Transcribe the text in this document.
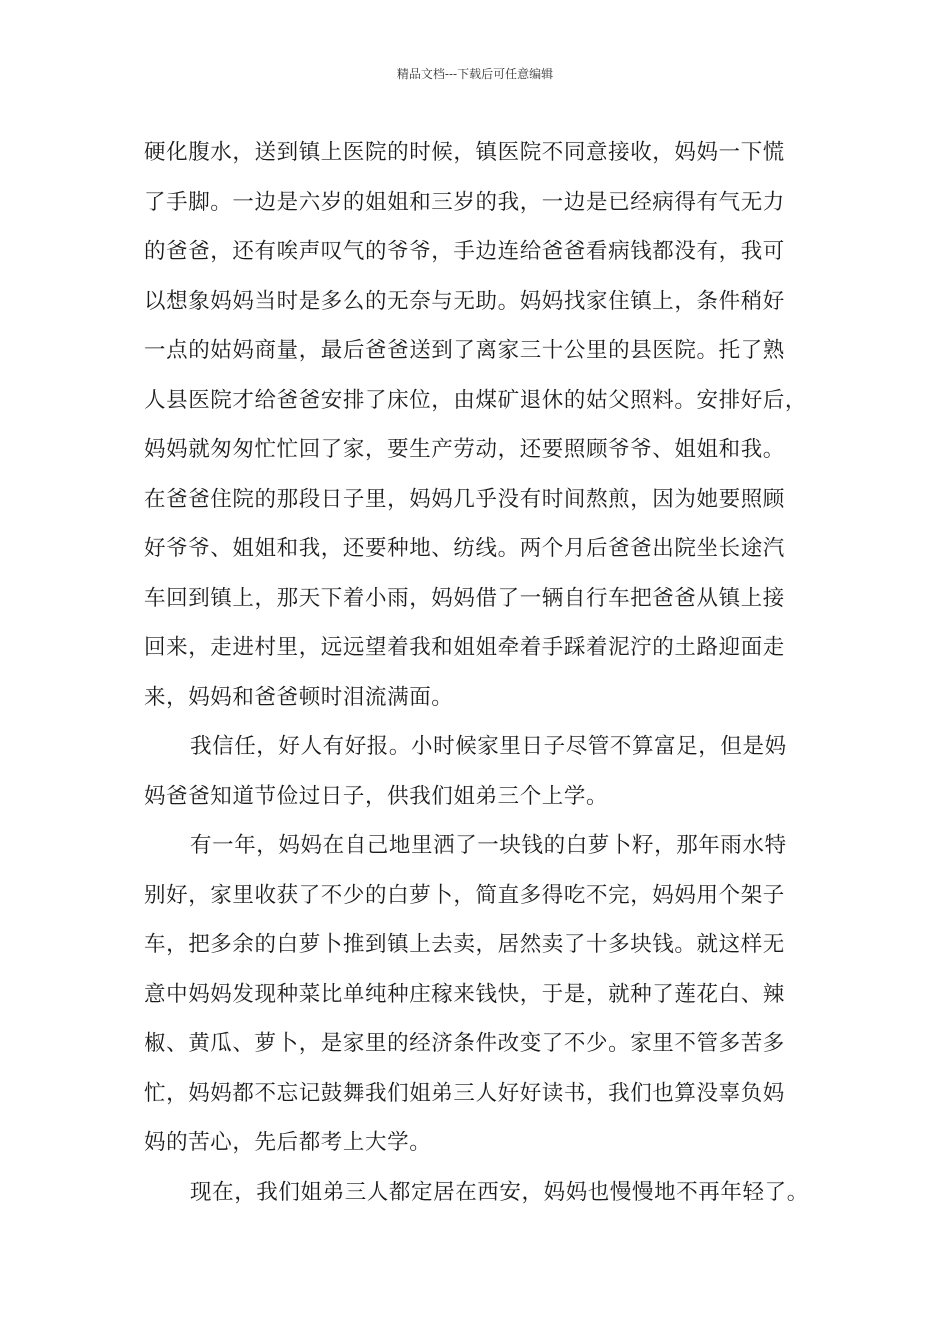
精品文档---下载后可任意编辑
硬化腹水，送到镇上医院的时候，镇医院不同意接收，妈妈一下慌
了手脚。一边是六岁的姐姐和三岁的我，一边是已经病得有气无力
的爸爸，还有唉声叹气的爷爷，手边连给爸爸看病钱都没有，我可
以想象妈妈当时是多么的无奈与无助。妈妈找家住镇上，条件稍好
一点的姑妈商量，最后爸爸送到了离家三十公里的县医院。托了熟
人县医院才给爸爸安排了床位，由煤矿退休的姑父照料。安排好后，
妈妈就匆匆忙忙回了家，要生产劳动，还要照顾爷爷、姐姐和我。
在爸爸住院的那段日子里，妈妈几乎没有时间熬煎，因为她要照顾
好爷爷、姐姐和我，还要种地、纺线。两个月后爸爸出院坐长途汽
车回到镇上，那天下着小雨，妈妈借了一辆自行车把爸爸从镇上接
回来，走进村里，远远望着我和姐姐牵着手踩着泥泞的土路迎面走
来，妈妈和爸爸顿时泪流满面。
我信任，好人有好报。小时候家里日子尽管不算富足，但是妈
妈爸爸知道节俭过日子，供我们姐弟三个上学。
有一年，妈妈在自己地里洒了一块钱的白萝卜籽，那年雨水特
别好，家里收获了不少的白萝卜，简直多得吃不完，妈妈用个架子
车，把多余的白萝卜推到镇上去卖，居然卖了十多块钱。就这样无
意中妈妈发现种菜比单纯种庄稼来钱快，于是，就种了莲花白、辣
椒、黄瓜、萝卜，是家里的经济条件改变了不少。家里不管多苦多
忙，妈妈都不忘记鼓舞我们姐弟三人好好读书，我们也算没辜负妈
妈的苦心，先后都考上大学。
现在，我们姐弟三人都定居在西安，妈妈也慢慢地不再年轻了。
